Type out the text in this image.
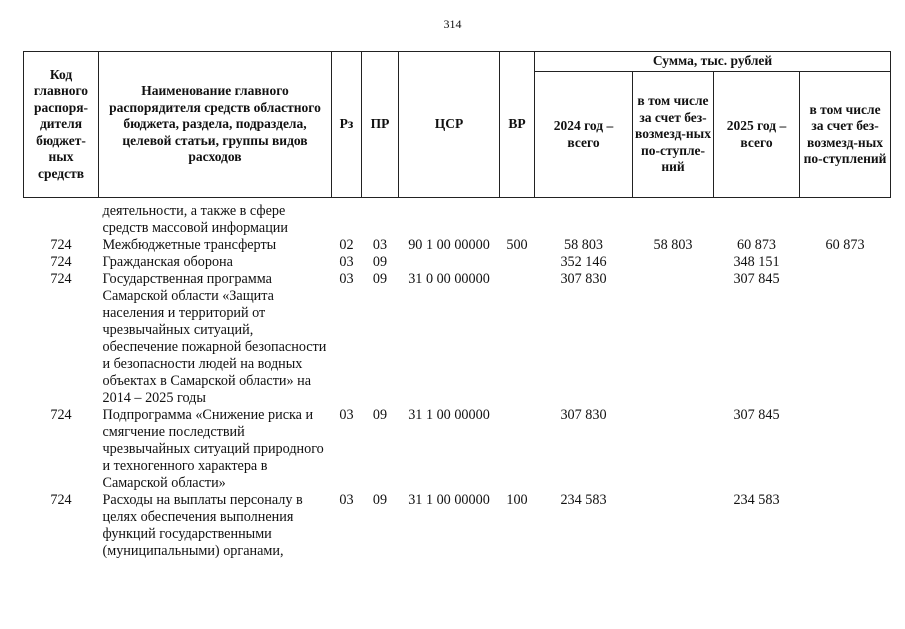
314
Код главного распоря-дителя бюджет-ных средств	Наименование главного распорядителя средств областного бюджета, раздела, подраздела, целевой статьи, группы видов расходов	Рз	ПР	ЦСР	ВР	Сумма, тыс. рублей			
						2024 год – всего	в том числе за счет без-возмезд-ных по-ступле-ний	2025 год – всего	в том числе за счет без-возмезд-ных по-ступлений
	деятельности, а также в сфере средств массовой информации								
724	Межбюджетные трансферты	02	03	90 1 00 00000	500	58 803	58 803	60 873	60 873
724	Гражданская оборона	03	09			352 146		348 151	
724	Государственная программа Самарской области «Защита населения и территорий от чрезвычайных ситуаций, обеспечение пожарной безопасности и безопасности людей на водных объектах в Самарской области» на 2014 – 2025 годы	03	09	31 0 00 00000		307 830		307 845	
724	Подпрограмма «Снижение риска и смягчение последствий чрезвычайных ситуаций природного и техногенного характера в Самарской области»	03	09	31 1 00 00000		307 830		307 845	
724	Расходы на выплаты персоналу в целях обеспечения выполнения функций государственными (муниципальными) органами,	03	09	31 1 00 00000	100	234 583		234 583	
